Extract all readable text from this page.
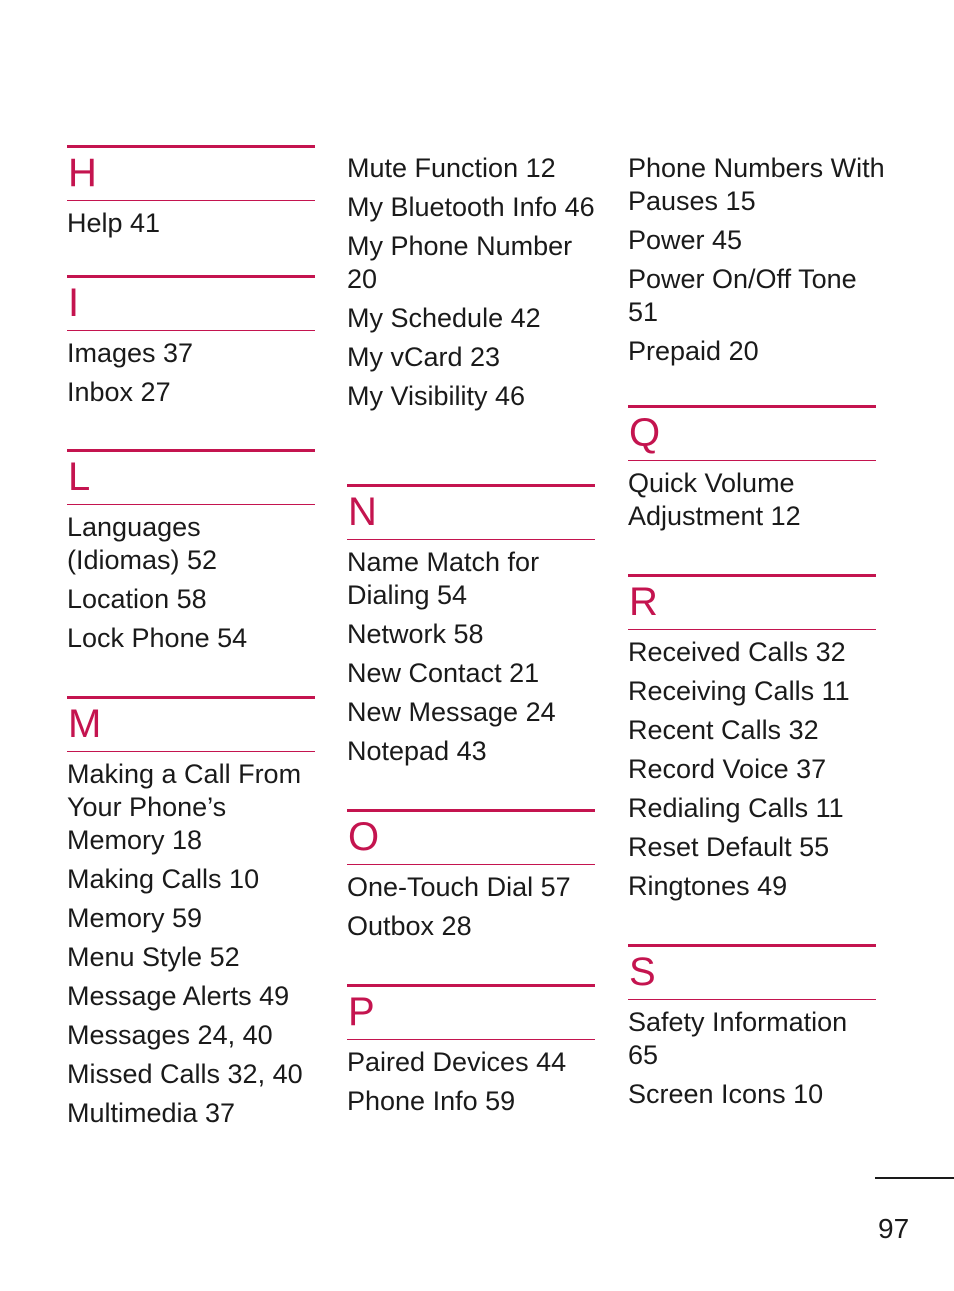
H
Help 41
I
Images 37
Inbox 27
L
Languages (Idiomas) 52
Location 58
Lock Phone 54
M
Making a Call From Your Phone’s Memory 18
Making Calls 10
Memory 59
Menu Style 52
Message Alerts 49
Messages 24, 40
Missed Calls 32, 40
Multimedia 37
Mute Function 12
My Bluetooth Info 46
My Phone Number 20
My Schedule 42
My vCard 23
My Visibility 46
N
Name Match for Dialing 54
Network 58
New Contact 21
New Message 24
Notepad 43
O
One-Touch Dial 57
Outbox 28
P
Paired Devices 44
Phone Info 59
Phone Numbers With Pauses 15
Power 45
Power On/Off Tone 51
Prepaid 20
Q
Quick Volume Adjustment 12
R
Received Calls 32
Receiving Calls 11
Recent Calls 32
Record Voice 37
Redialing Calls 11
Reset Default 55
Ringtones 49
S
Safety Information 65
Screen Icons 10
97
